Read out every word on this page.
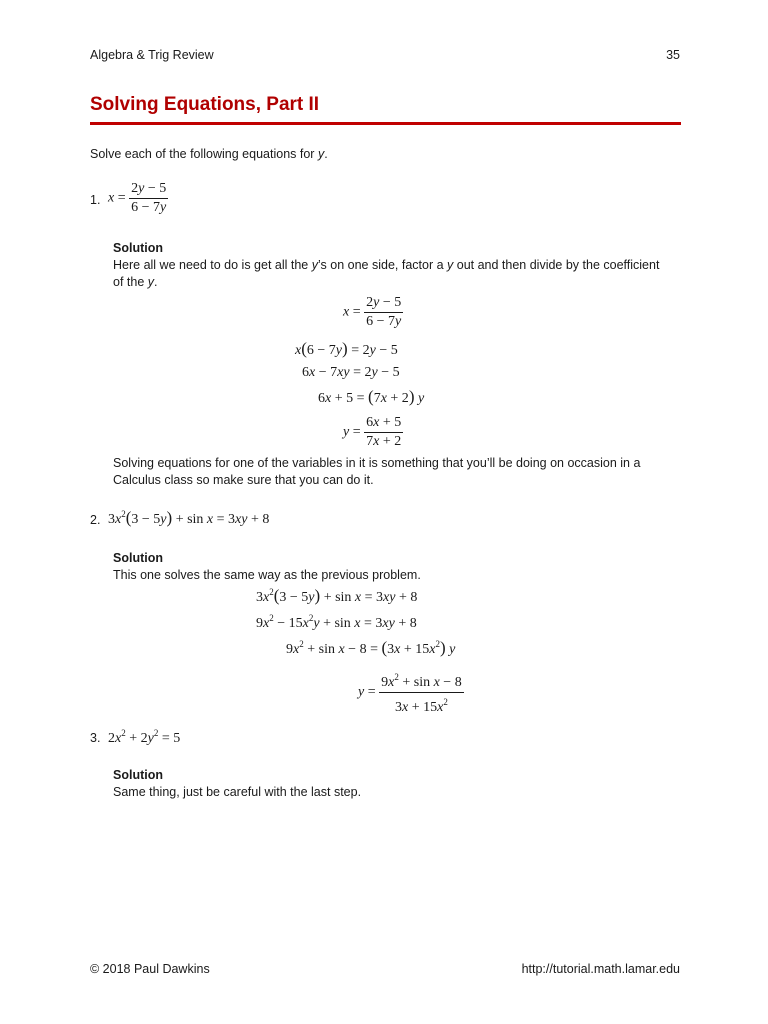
Algebra & Trig Review	35
Solving Equations, Part II
Solve each of the following equations for y.
1. $x = \frac{2y - 5}{6 - 7y}$
Solution
Here all we need to do is get all the y’s on one side, factor a y out and then divide by the coefficient
of the y.
$x = \frac{2y - 5}{6 - 7y}$
x(6 − 7y) = 2y − 5
6x − 7xy = 2y − 5
6x + 5 = (7x + 2) y
$y = \frac{6x + 5}{7x + 2}$
Solving equations for one of the variables in it is something that you’ll be doing on occasion in a
Calculus class so make sure that you can do it.
2. $3x^2(3 - 5y) + \sin x = 3xy + 8$
Solution
This one solves the same way as the previous problem.
$3x^2(3 - 5y) + \sin x = 3xy + 8$
$9x^2 - 15x^2y + \sin x = 3xy + 8$
$9x^2 + \sin x - 8 = (3x + 15x^2)$ y
$y = \frac{9x^2 + \sin x - 8}{3x + 15x^2}$
3. $2x^2 + 2y^2 = 5$
Solution
Same thing, just be careful with the last step.
© 2018 Paul Dawkins	http://tutorial.math.lamar.edu
